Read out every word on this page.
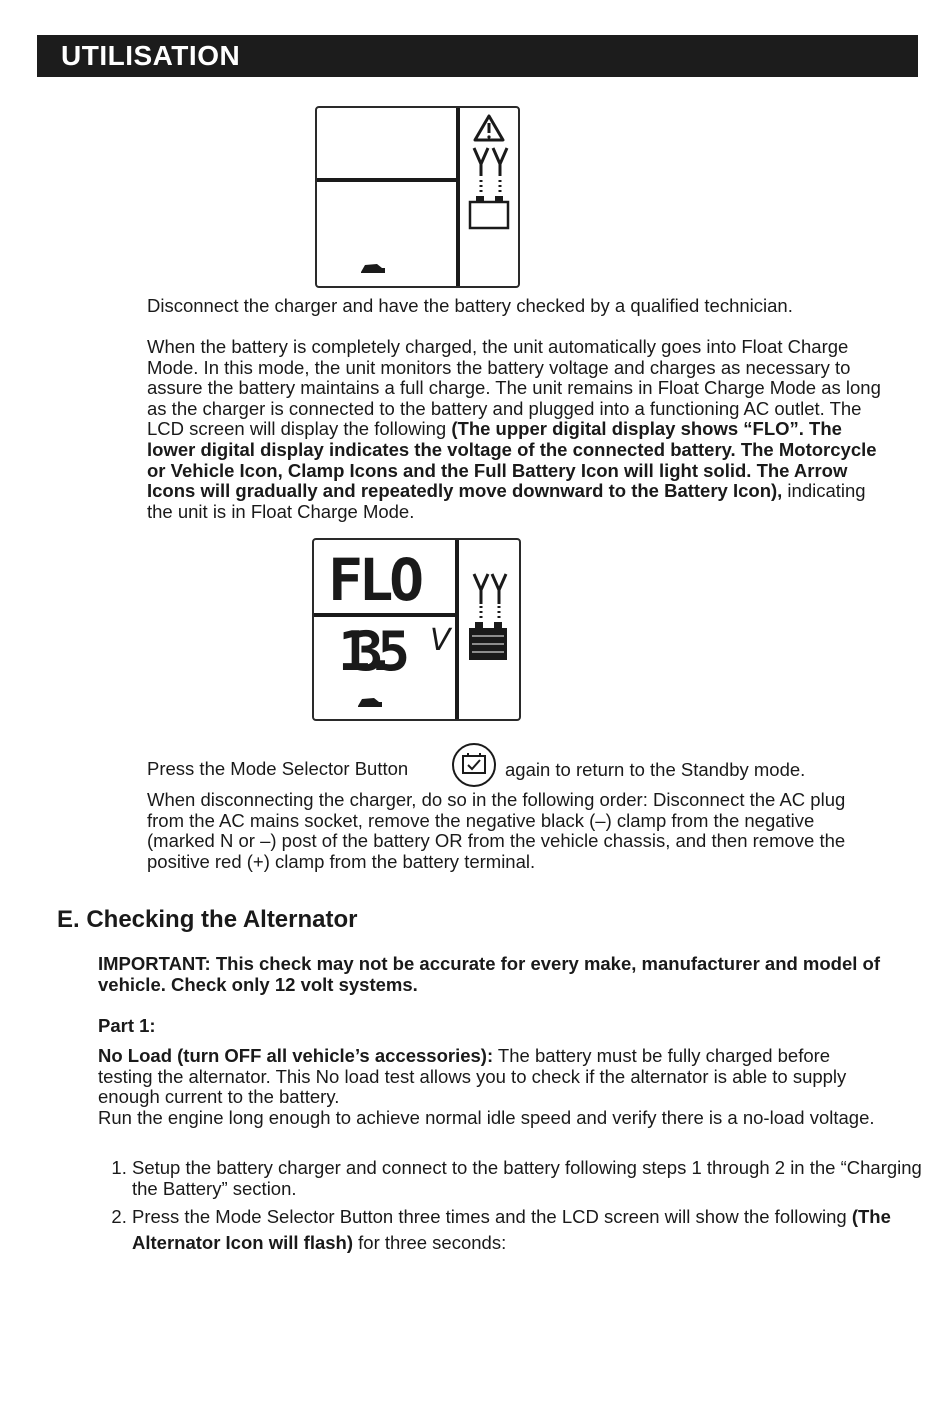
UTILISATION

Disconnect the charger and have the battery checked by a qualified technician.

When the battery is completely charged, the unit automatically goes into Float Charge Mode. In this mode, the unit monitors the battery voltage and charges as necessary to assure the battery maintains a full charge. The unit remains in Float Charge Mode as long as the charger is connected to the battery and plugged into a functioning AC outlet. The LCD screen will display the following (The upper digital display shows “FLO”. The lower digital display indicates the voltage of the connected battery. The Motorcycle or Vehicle Icon, Clamp Icons and the Full Battery Icon will light solid. The Arrow Icons will gradually and repeatedly move downward to the Battery Icon), indicating the unit is in Float Charge Mode.

FLO
13.5 V

Press the Mode Selector Button	again to return to the Standby mode.

When disconnecting the charger, do so in the following order: Disconnect the AC plug from the AC mains socket, remove the negative black (–) clamp from the negative (marked N or –) post of the battery OR from the vehicle chassis, and then remove the positive red (+) clamp from the battery terminal.

E. Checking the Alternator

IMPORTANT: This check may not be accurate for every make, manufacturer and model of vehicle. Check only 12 volt systems.

Part 1:

No Load (turn OFF all vehicle’s accessories): The battery must be fully charged before testing the alternator. This No load test allows you to check if the alternator is able to supply enough current to the battery.
Run the engine long enough to achieve normal idle speed and verify there is a no-load voltage.

1. Setup the battery charger and connect to the battery following steps 1 through 2 in the “Charging the Battery” section.
2. Press the Mode Selector Button three times and the LCD screen will show the following (The Alternator Icon will flash) for three seconds:
